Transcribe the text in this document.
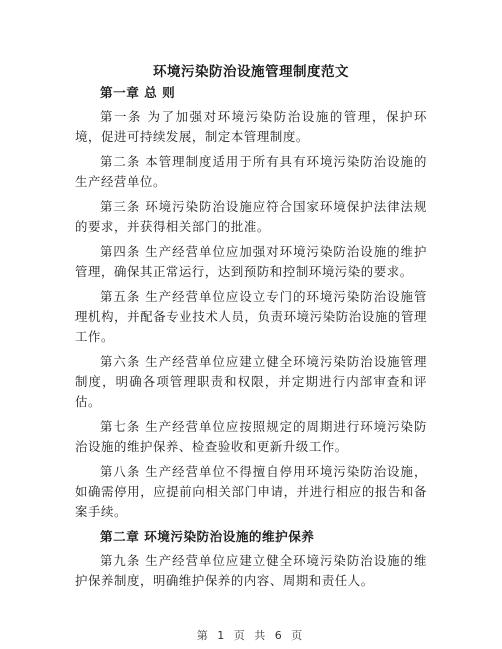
环境污染防治设施管理制度范文
第一章 总 则

第一条 为了加强对环境污染防治设施的管理，保护环境，促进可持续发展，制定本管理制度。

第二条 本管理制度适用于所有具有环境污染防治设施的生产经营单位。

第三条 环境污染防治设施应符合国家环境保护法律法规的要求，并获得相关部门的批准。

第四条 生产经营单位应加强对环境污染防治设施的维护管理，确保其正常运行，达到预防和控制环境污染的要求。

第五条 生产经营单位应设立专门的环境污染防治设施管理机构，并配备专业技术人员，负责环境污染防治设施的管理工作。

第六条 生产经营单位应建立健全环境污染防治设施管理制度，明确各项管理职责和权限，并定期进行内部审查和评估。

第七条 生产经营单位应按照规定的周期进行环境污染防治设施的维护保养、检查验收和更新升级工作。

第八条 生产经营单位不得擅自停用环境污染防治设施，如确需停用，应提前向相关部门申请，并进行相应的报告和备案手续。

第二章 环境污染防治设施的维护保养

第九条 生产经营单位应建立健全环境污染防治设施的维护保养制度，明确维护保养的内容、周期和责任人。

第 1 页 共 6 页
